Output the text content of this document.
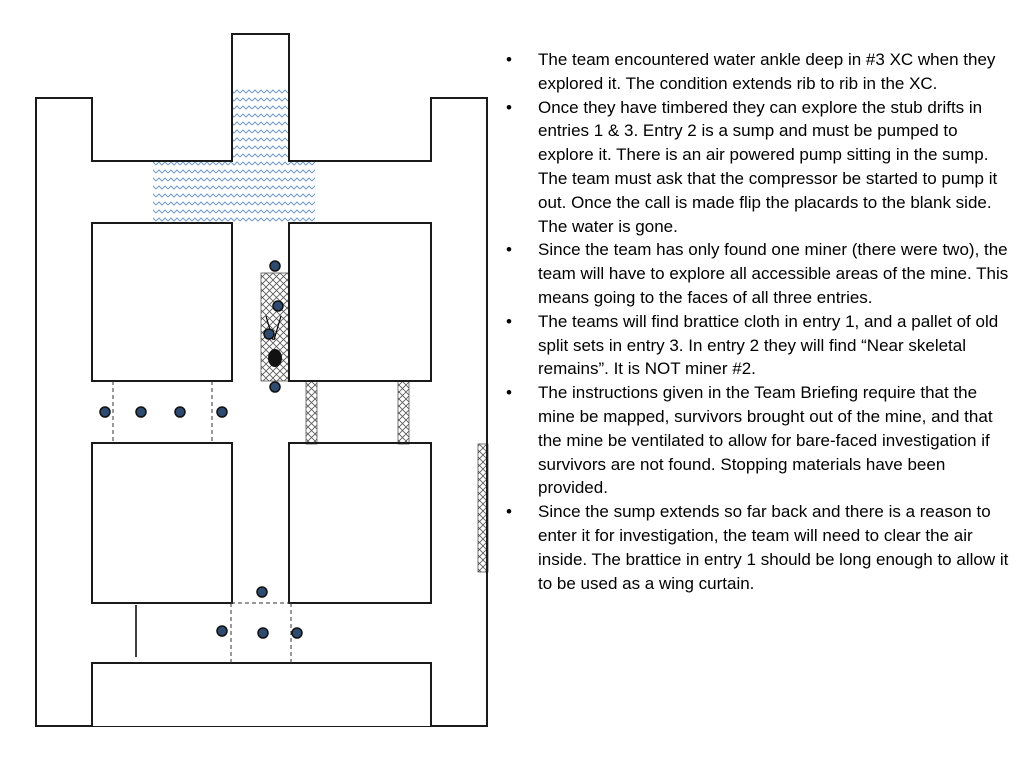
• The team encountered water ankle deep in #3 XC when they explored it. The condition extends rib to rib in the XC.
• Once they have timbered they can explore the stub drifts in entries 1 & 3. Entry 2 is a sump and must be pumped to explore it. There is an air powered pump sitting in the sump. The team must ask that the compressor be started to pump it out. Once the call is made flip the placards to the blank side. The water is gone.
• Since the team has only found one miner (there were two), the team will have to explore all accessible areas of the mine. This means going to the faces of all three entries.
• The teams will find brattice cloth in entry 1, and a pallet of old split sets in entry 3. In entry 2 they will find “Near skeletal remains”. It is NOT miner #2.
• The instructions given in the Team Briefing require that the mine be mapped, survivors brought out of the mine, and that the mine be ventilated to allow for bare-faced investigation if survivors are not found. Stopping materials have been provided.
• Since the sump extends so far back and there is a reason to enter it for investigation, the team will need to clear the air inside. The brattice in entry 1 should be long enough to allow it to be used as a wing curtain.
